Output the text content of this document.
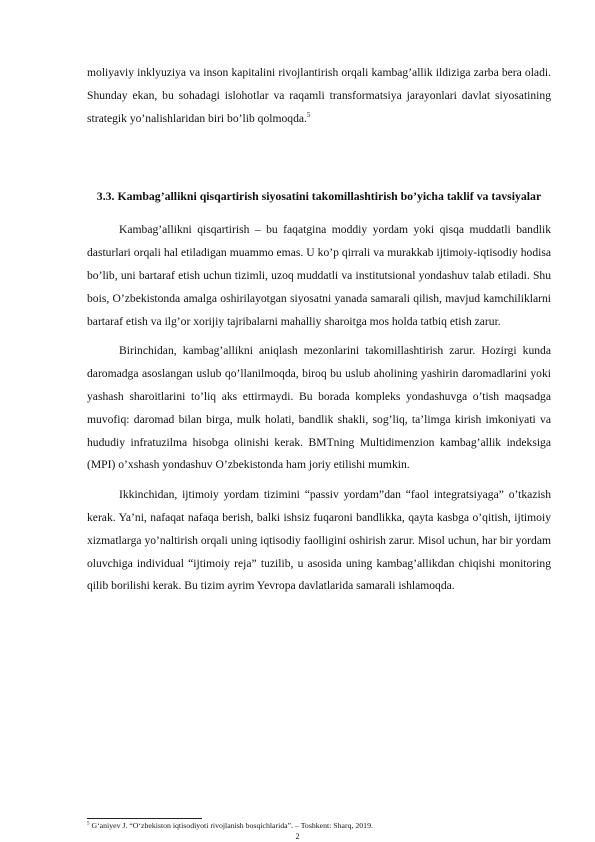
moliyaviy inklyuziya va inson kapitalini rivojlantirish orqali kambag’allik ildiziga zarba bera oladi. Shunday ekan, bu sohadagi islohotlar va raqamli transformatsiya jarayonlari davlat siyosatining strategik yo’nalishlaridan biri bo’lib qolmoqda.$^5$

3.3. Kambag’allikni qisqartirish siyosatini takomillashtirish bo’yicha taklif va tavsiyalar

Kambag’allikni qisqartirish – bu faqatgina moddiy yordam yoki qisqa muddatli bandlik dasturlari orqali hal etiladigan muammo emas. U ko’p qirrali va murakkab ijtimoiy-iqtisodiy hodisa bo’lib, uni bartaraf etish uchun tizimli, uzoq muddatli va institutsional yondashuv talab etiladi. Shu bois, O’zbekistonda amalga oshirilayotgan siyosatni yanada samarali qilish, mavjud kamchiliklarni bartaraf etish va ilg’or xorijiy tajribalarni mahalliy sharoitga mos holda tatbiq etish zarur.

Birinchidan, kambag’allikni aniqlash mezonlarini takomillashtirish zarur. Hozirgi kunda daromadga asoslangan uslub qo’llanilmoqda, biroq bu uslub aholining yashirin daromadlarini yoki yashash sharoitlarini to’liq aks ettirmaydi. Bu borada kompleks yondashuvga o’tish maqsadga muvofiq: daromad bilan birga, mulk holati, bandlik shakli, sog’liq, ta’limga kirish imkoniyati va hududiy infratuzilma hisobga olinishi kerak. BMTning Multidimenzion kambag’allik indeksiga (MPI) o’xshash yondashuv O’zbekistonda ham joriy etilishi mumkin.

Ikkinchidan, ijtimoiy yordam tizimini “passiv yordam”dan “faol integratsiyaga” o’tkazish kerak. Ya’ni, nafaqat nafaqa berish, balki ishsiz fuqaroni bandlikka, qayta kasbga o’qitish, ijtimoiy xizmatlarga yo’naltirish orqali uning iqtisodiy faolligini oshirish zarur. Misol uchun, har bir yordam oluvchiga individual “ijtimoiy reja” tuzilib, u asosida uning kambag’allikdan chiqishi monitoring qilib borilishi kerak. Bu tizim ayrim Yevropa davlatlarida samarali ishlamoqda.

$^5$ G‘aniyev J. “O‘zbekiston iqtisodiyoti rivojlanish bosqichlarida”. – Toshkent: Sharq, 2019.
2
